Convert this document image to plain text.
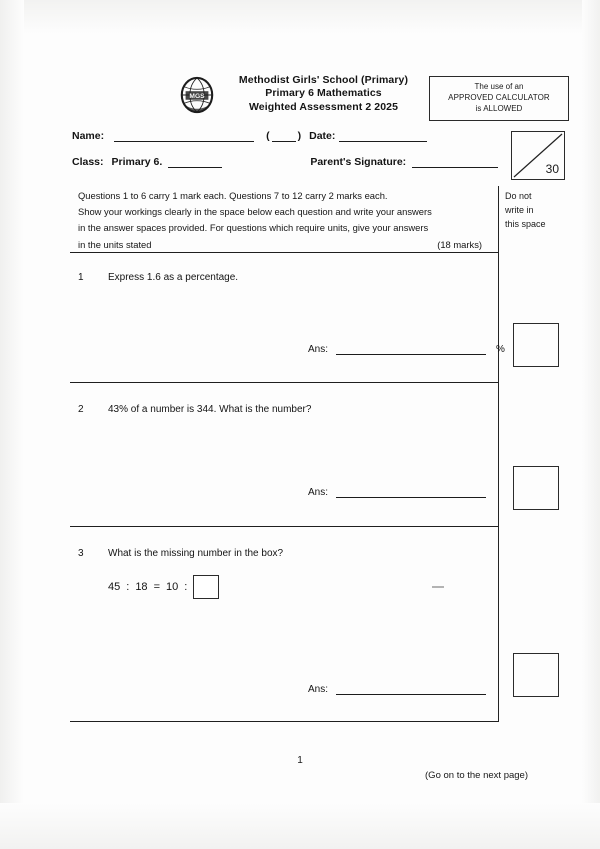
MGS
Methodist Girls' School (Primary)
Primary 6 Mathematics
Weighted Assessment 2 2025
The use of an
APPROVED CALCULATOR
is ALLOWED
30
Name:	(	) Date:
Class: Primary 6.	Parent's Signature:
Questions 1 to 6 carry 1 mark each. Questions 7 to 12 carry 2 marks each.
Show your workings clearly in the space below each question and write your answers
in the answer spaces provided. For questions which require units, give your answers
(18 marks)
in the units stated
Do not
write in
this space
1	Express 1.6 as a percentage.
Ans:	%
2	43% of a number is 344. What is the number?
Ans:
3	What is the missing number in the box?
45 : 18 = 10 :
Ans:
1
(Go on to the next page)
